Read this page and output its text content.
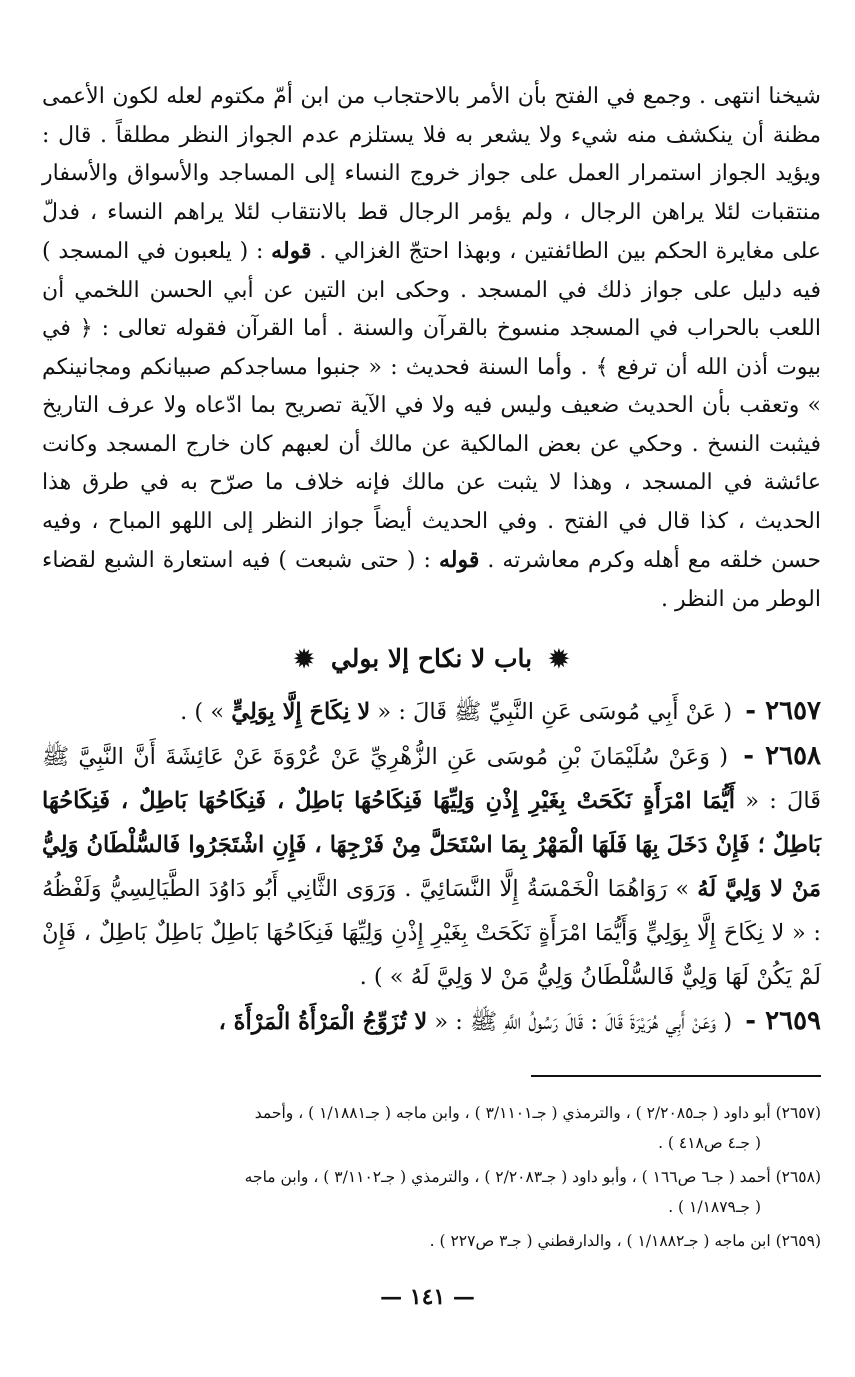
شيخنا انتهى . وجمع في الفتح بأن الأمر بالاحتجاب من ابن أمّ مكتوم لعله لكون الأعمى مظنة أن ينكشف منه شيء ولا يشعر به فلا يستلزم عدم الجواز النظر مطلقاً . قال : ويؤيد الجواز استمرار العمل على جواز خروج النساء إلى المساجد والأسواق والأسفار منتقبات لئلا يراهن الرجال ، ولم يؤمر الرجال قط بالانتقاب لئلا يراهم النساء ، فدلّ على مغايرة الحكم بين الطائفتين ، وبهذا احتجّ الغزالي . قوله : ( يلعبون في المسجد ) فيه دليل على جواز ذلك في المسجد . وحكى ابن التين عن أبي الحسن اللخمي أن اللعب بالحراب في المسجد منسوخ بالقرآن والسنة . أما القرآن فقوله تعالى : ﴿ في بيوت أذن الله أن ترفع ﴾ . وأما السنة فحديث : « جنبوا مساجدكم صبيانكم ومجانينكم » وتعقب بأن الحديث ضعيف وليس فيه ولا في الآية تصريح بما ادّعاه ولا عرف التاريخ فيثبت النسخ . وحكي عن بعض المالكية عن مالك أن لعبهم كان خارج المسجد وكانت عائشة في المسجد ، وهذا لا يثبت عن مالك فإنه خلاف ما صرّح به في طرق هذا الحديث ، كذا قال في الفتح . وفي الحديث أيضاً جواز النظر إلى اللهو المباح ، وفيه حسن خلقه مع أهله وكرم معاشرته . قوله : ( حتى شبعت ) فيه استعارة الشبع لقضاء الوطر من النظر .

✹ باب لا نكاح إلا بولي ✹

٢٦٥٧ - ( عَنْ أَبِي مُوسَى عَنِ النَّبِيِّ ﷺ قَالَ : « لا نِكَاحَ إِلَّا بِوَلِيٍّ » ) .

٢٦٥٨ - ( وَعَنْ سُلَيْمَانَ بْنِ مُوسَى عَنِ الزُّهْرِيِّ عَنْ عُرْوَةَ عَنْ عَائِشَةَ أَنَّ النَّبِيَّ ﷺ قَالَ : « أَيُّمَا امْرَأَةٍ نَكَحَتْ بِغَيْرِ إِذْنِ وَلِيِّهَا فَنِكَاحُهَا بَاطِلٌ ، فَنِكَاحُهَا بَاطِلٌ ، فَنِكَاحُهَا بَاطِلٌ ؛ فَإِنْ دَخَلَ بِهَا فَلَهَا الْمَهْرُ بِمَا اسْتَحَلَّ مِنْ فَرْجِهَا ، فَإِنِ اشْتَجَرُوا فَالسُّلْطَانُ وَلِيُّ مَنْ لا وَلِيَّ لَهُ » رَوَاهُمَا الْخَمْسَةُ إِلَّا النَّسَائِيَّ . وَرَوَى الثَّانِي أَبُو دَاوُدَ الطَّيَالِسِيُّ وَلَفْظُهُ : « لا نِكَاحَ إِلَّا بِوَلِيٍّ وَأَيُّمَا امْرَأَةٍ نَكَحَتْ بِغَيْرِ إِذْنِ وَلِيِّهَا فَنِكَاحُهَا بَاطِلٌ بَاطِلٌ بَاطِلٌ ، فَإِنْ لَمْ يَكُنْ لَهَا وَلِيٌّ فَالسُّلْطَانُ وَلِيُّ مَنْ لا وَلِيَّ لَهُ » ) .

٢٦٥٩ - ( وَعَنْ أَبِي هُرَيْرَةَ قَالَ : قَالَ رَسُولُ اللَّهِ ﷺ : « لا تُزَوِّجُ الْمَرْأَةُ الْمَرْأَةَ ،

(٢٦٥٧) أبو داود ( جـ٢/٢٠٨٥ ) ، والترمذي ( جـ٣/١١٠١ ) ، وابن ماجه ( جـ١/١٨٨١ ) ، وأحمد
( جـ٤ ص٤١٨ ) .

(٢٦٥٨) أحمد ( جـ٦ ص١٦٦ ) ، وأبو داود ( جـ٢/٢٠٨٣ ) ، والترمذي ( جـ٣/١١٠٢ ) ، وابن ماجه
( جـ١/١٨٧٩ ) .

(٢٦٥٩) ابن ماجه ( جـ١/١٨٨٢ ) ، والدارقطني ( جـ٣ ص٢٢٧ ) .

— ١٤١ —
